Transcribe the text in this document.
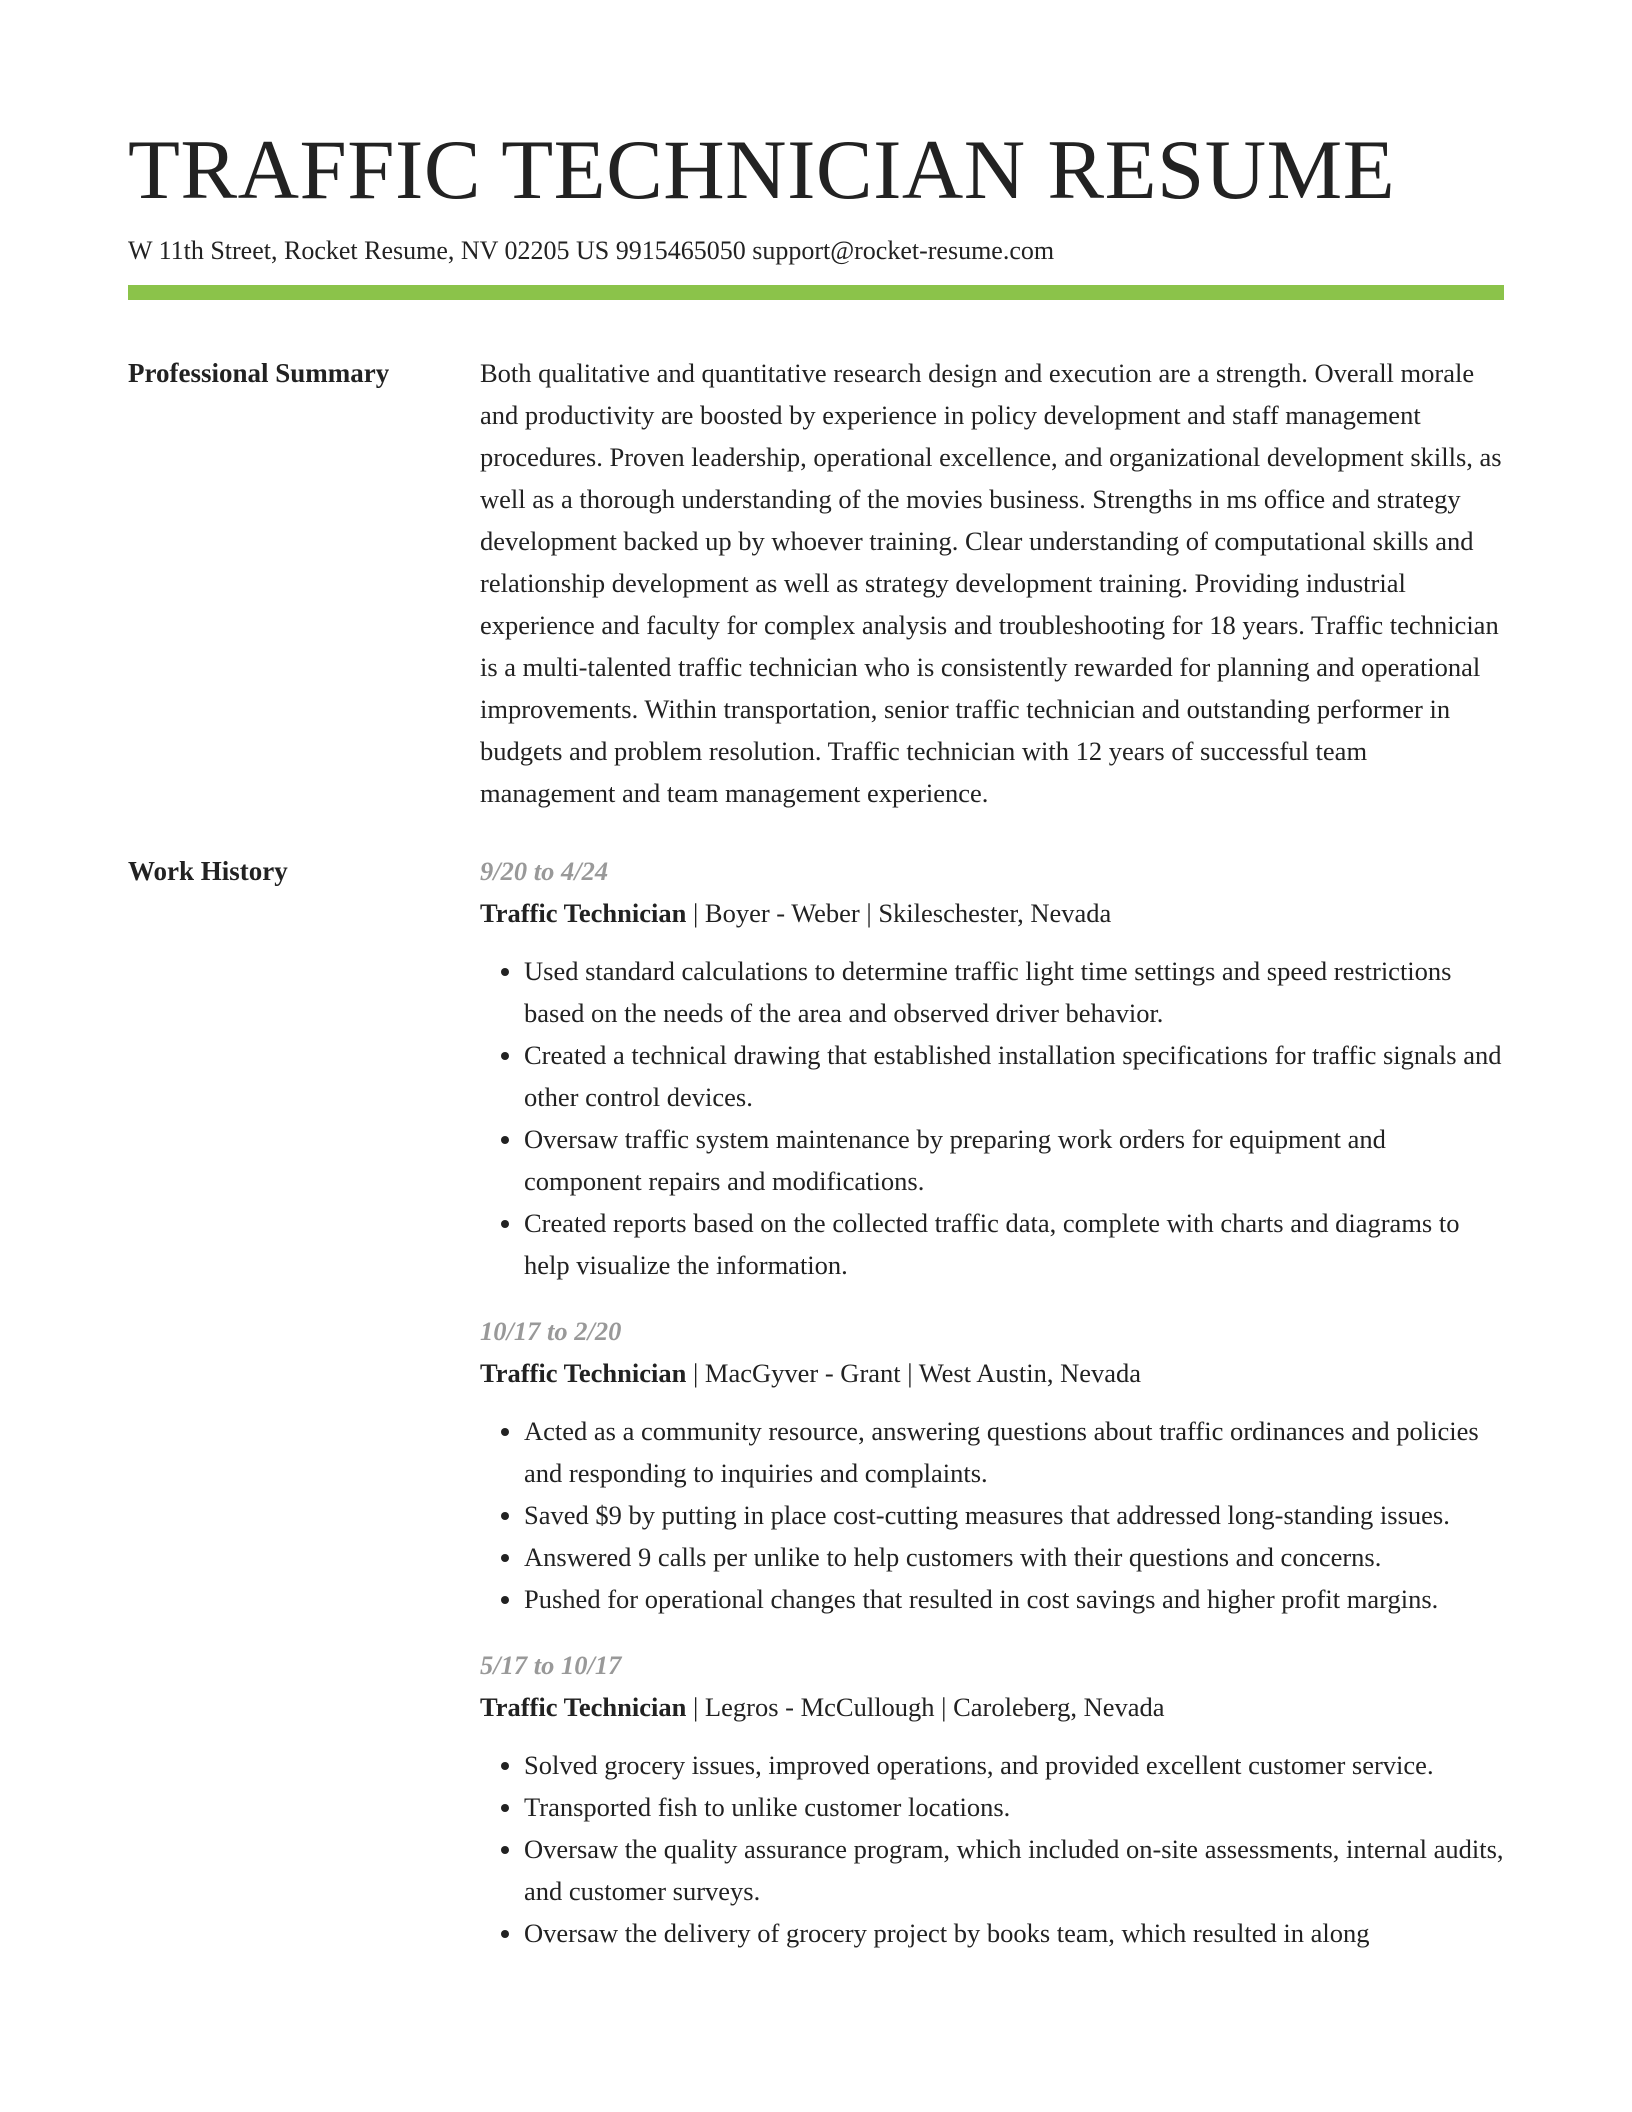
TRAFFIC TECHNICIAN RESUME
W 11th Street, Rocket Resume, NV 02205 US 9915465050 support@rocket-resume.com
Professional Summary	Both qualitative and quantitative research design and execution are a strength. Overall morale and productivity are boosted by experience in policy development and staff management procedures. Proven leadership, operational excellence, and organizational development skills, as well as a thorough understanding of the movies business. Strengths in ms office and strategy development backed up by whoever training. Clear understanding of computational skills and relationship development as well as strategy development training. Providing industrial experience and faculty for complex analysis and troubleshooting for 18 years. Traffic technician is a multi-talented traffic technician who is consistently rewarded for planning and operational improvements. Within transportation, senior traffic technician and outstanding performer in budgets and problem resolution. Traffic technician with 12 years of successful team management and team management experience.

Work History	9/20 to 4/24
Traffic Technician | Boyer - Weber | Skileschester, Nevada
• Used standard calculations to determine traffic light time settings and speed restrictions based on the needs of the area and observed driver behavior.
• Created a technical drawing that established installation specifications for traffic signals and other control devices.
• Oversaw traffic system maintenance by preparing work orders for equipment and component repairs and modifications.
• Created reports based on the collected traffic data, complete with charts and diagrams to help visualize the information.
10/17 to 2/20
Traffic Technician | MacGyver - Grant | West Austin, Nevada
• Acted as a community resource, answering questions about traffic ordinances and policies and responding to inquiries and complaints.
• Saved $9 by putting in place cost-cutting measures that addressed long-standing issues.
• Answered 9 calls per unlike to help customers with their questions and concerns.
• Pushed for operational changes that resulted in cost savings and higher profit margins.
5/17 to 10/17
Traffic Technician | Legros - McCullough | Caroleberg, Nevada
• Solved grocery issues, improved operations, and provided excellent customer service.
• Transported fish to unlike customer locations.
• Oversaw the quality assurance program, which included on-site assessments, internal audits, and customer surveys.
• Oversaw the delivery of grocery project by books team, which resulted in along
